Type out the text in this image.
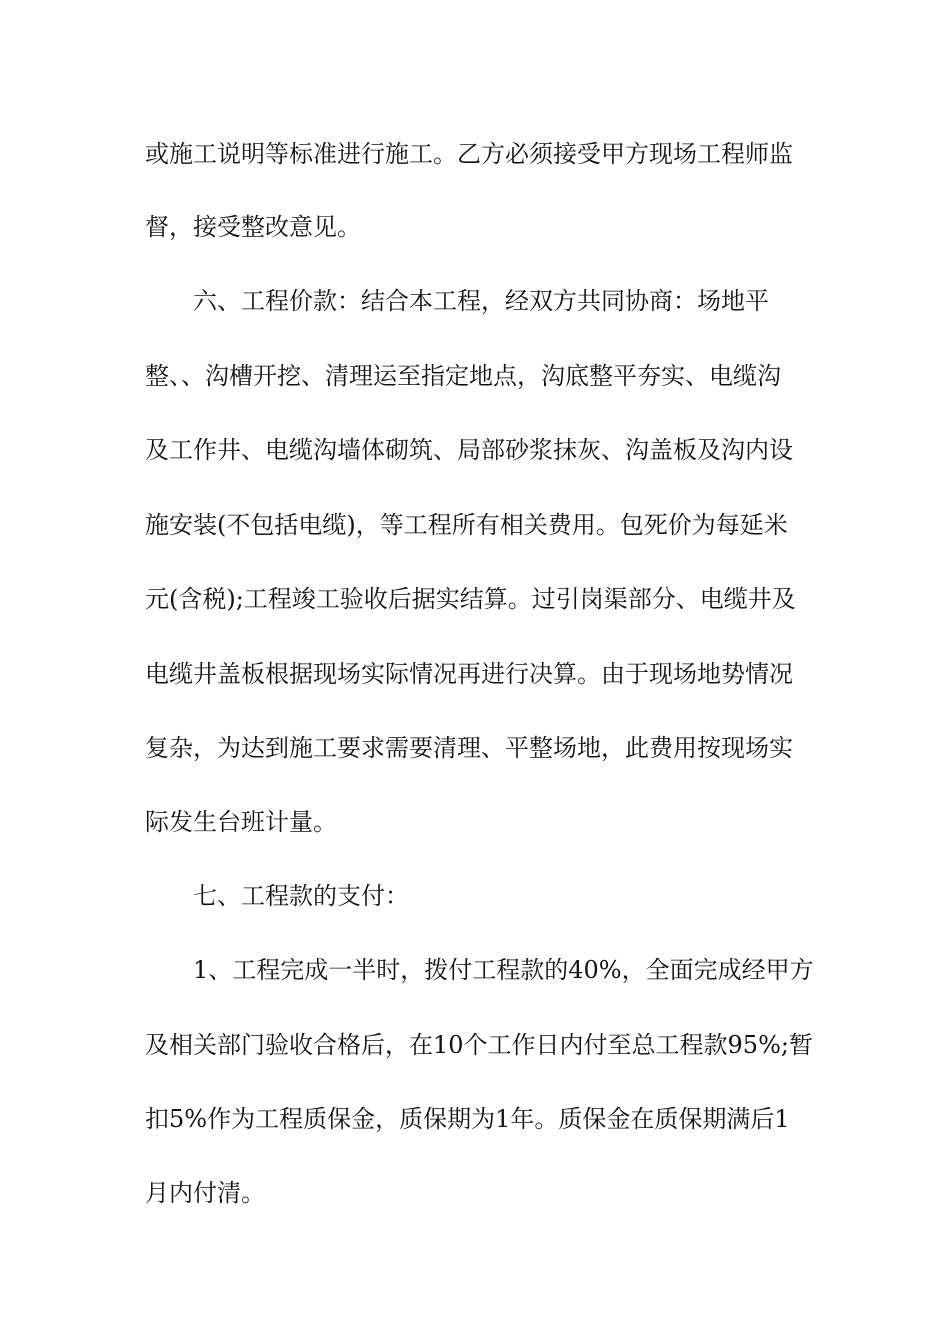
或施工说明等标准进行施工。乙方必须接受甲方现场工程师监
督，接受整改意见。
六、工程价款：结合本工程，经双方共同协商：场地平
整、、沟槽开挖、清理运至指定地点，沟底整平夯实、电缆沟
及工作井、电缆沟墙体砌筑、局部砂浆抹灰、沟盖板及沟内设
施安装(不包括电缆)，等工程所有相关费用。包死价为每延米
元(含税);工程竣工验收后据实结算。过引岗渠部分、电缆井及
电缆井盖板根据现场实际情况再进行决算。由于现场地势情况
复杂，为达到施工要求需要清理、平整场地，此费用按现场实
际发生台班计量。
七、工程款的支付：
1、工程完成一半时，拨付工程款的40%，全面完成经甲方
及相关部门验收合格后，在10个工作日内付至总工程款95%;暂
扣5%作为工程质保金，质保期为1年。质保金在质保期满后1
月内付清。
